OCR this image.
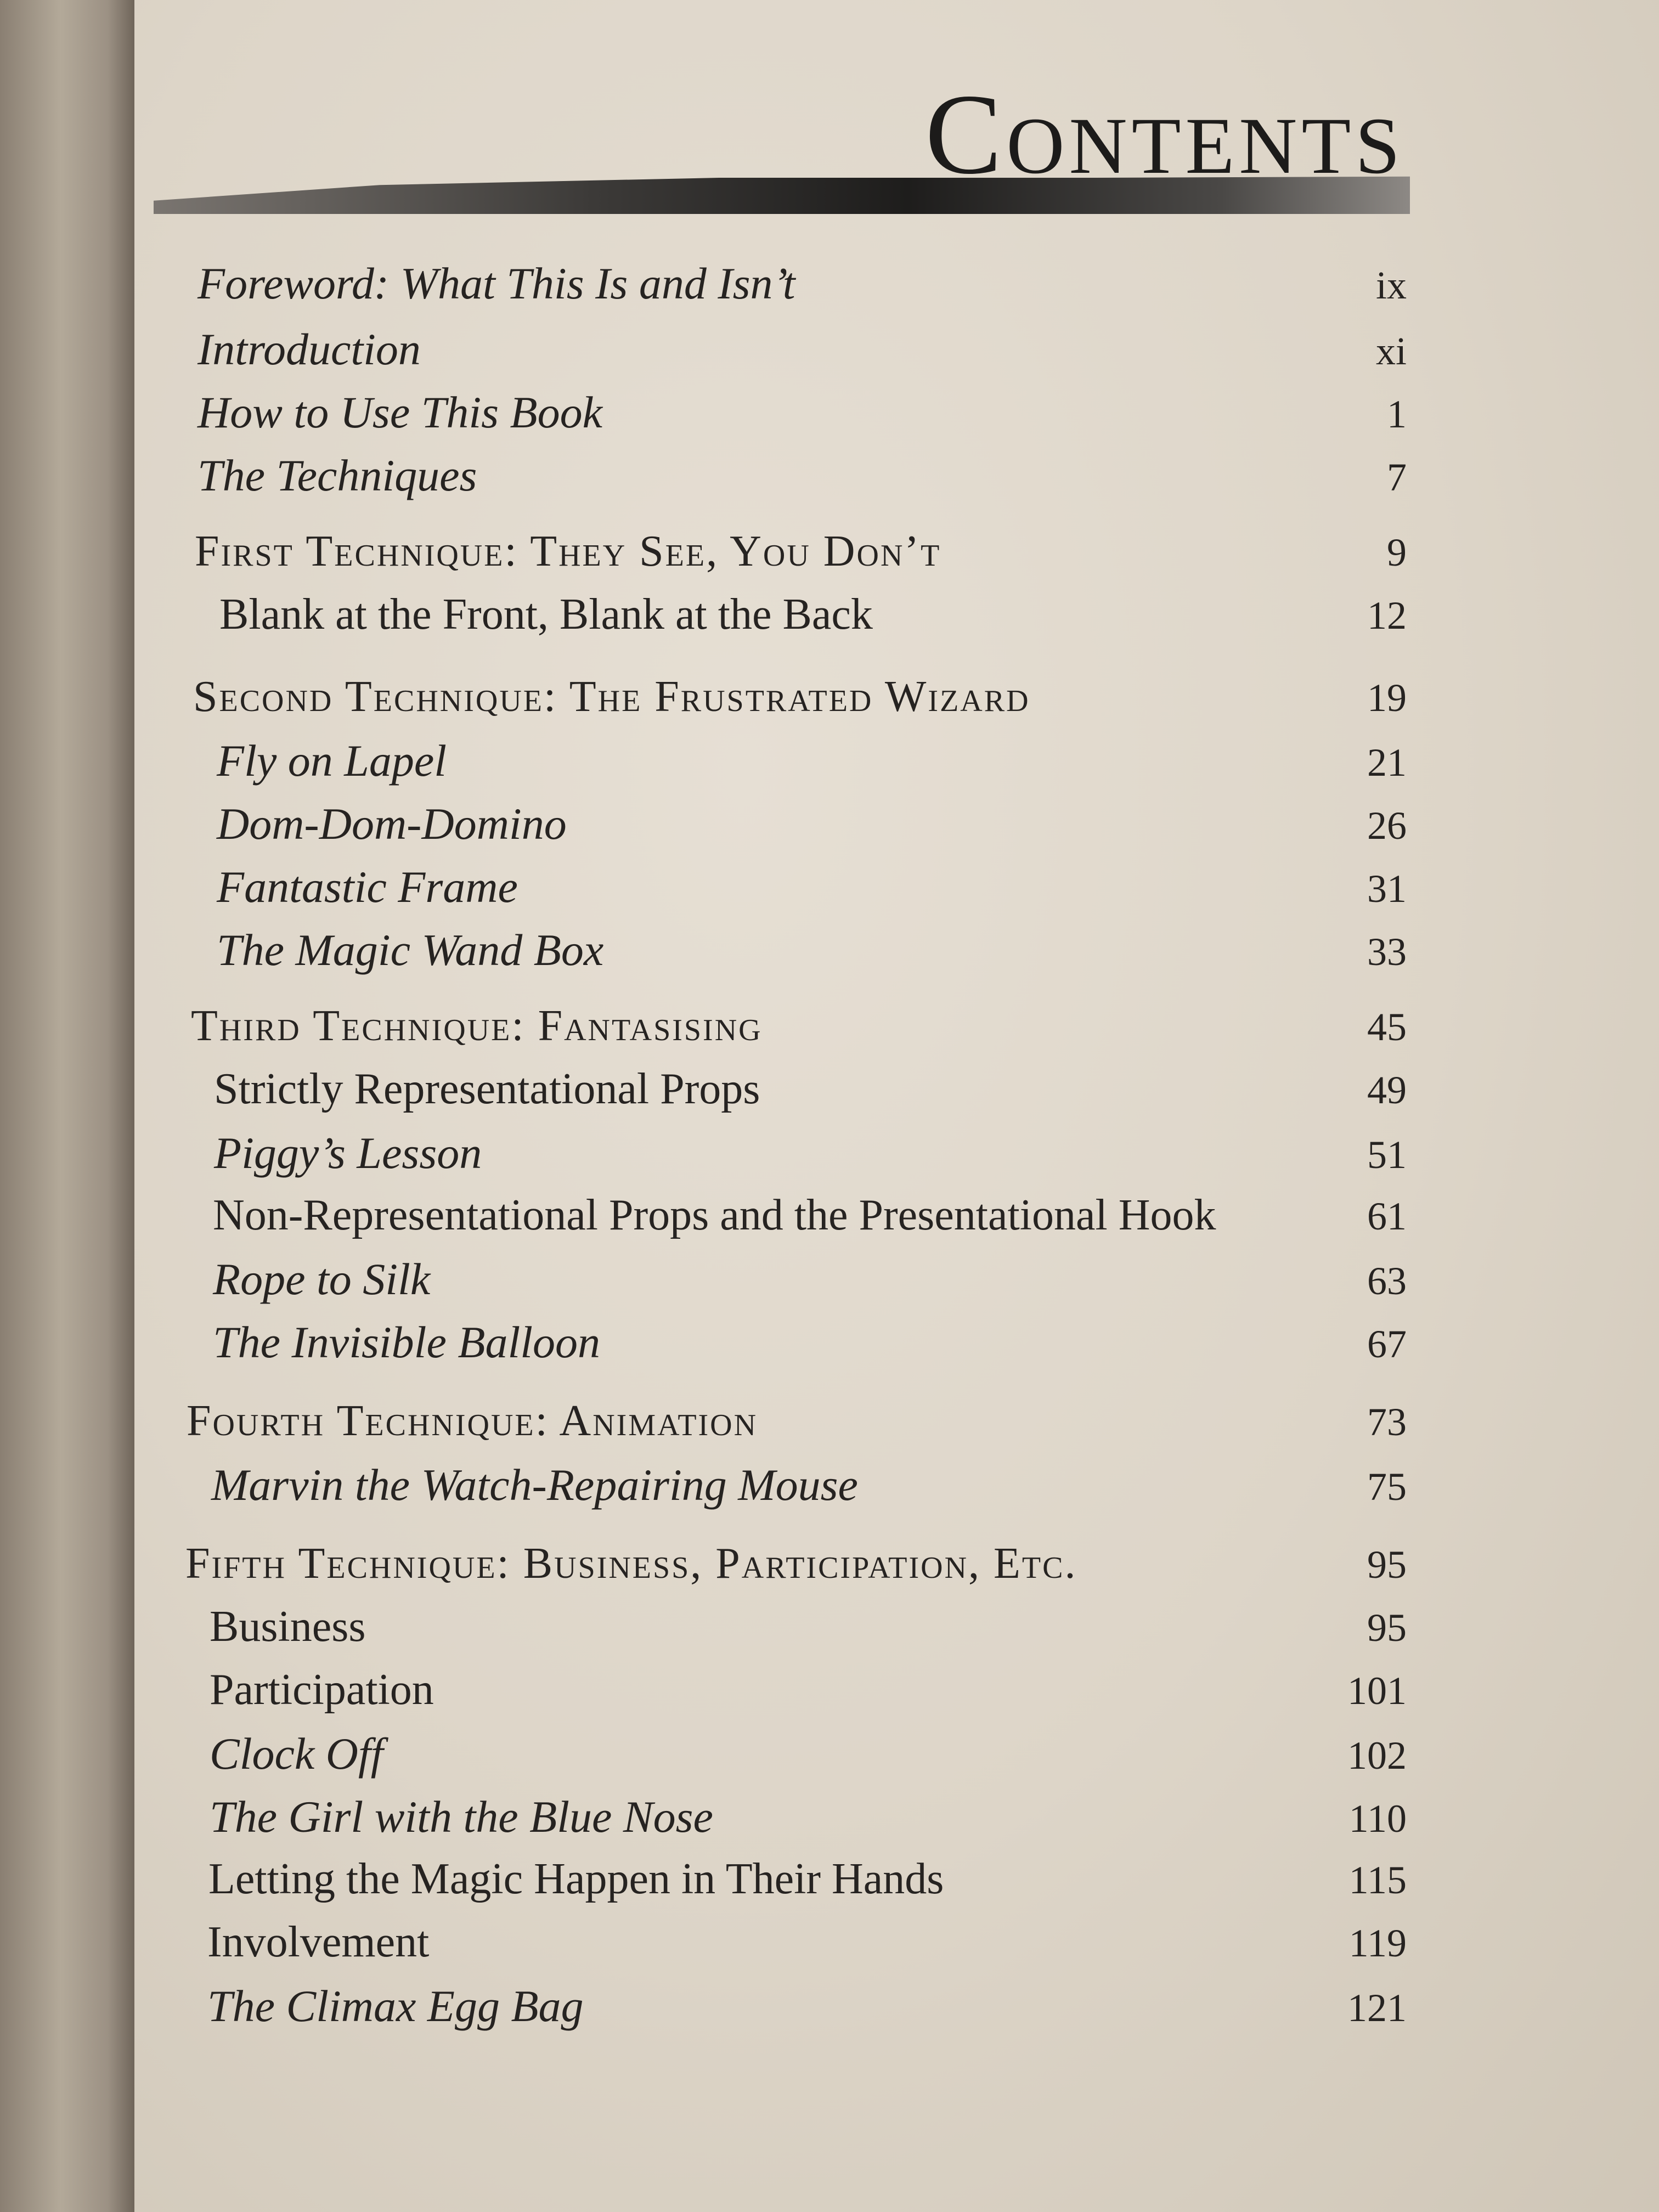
Contents
Foreword: What This Is and Isn’t	ix
Introduction	xi
How to Use This Book	1
The Techniques	7
First Technique: They See, You Don’t	9
Blank at the Front, Blank at the Back	12
Second Technique: The Frustrated Wizard	19
Fly on Lapel	21
Dom-Dom-Domino	26
Fantastic Frame	31
The Magic Wand Box	33
Third Technique: Fantasising	45
Strictly Representational Props	49
Piggy’s Lesson	51
Non-Representational Props and the Presentational Hook	61
Rope to Silk	63
The Invisible Balloon	67
Fourth Technique: Animation	73
Marvin the Watch-Repairing Mouse	75
Fifth Technique: Business, Participation, Etc.	95
Business	95
Participation	101
Clock Off	102
The Girl with the Blue Nose	110
Letting the Magic Happen in Their Hands	115
Involvement	119
The Climax Egg Bag	121
